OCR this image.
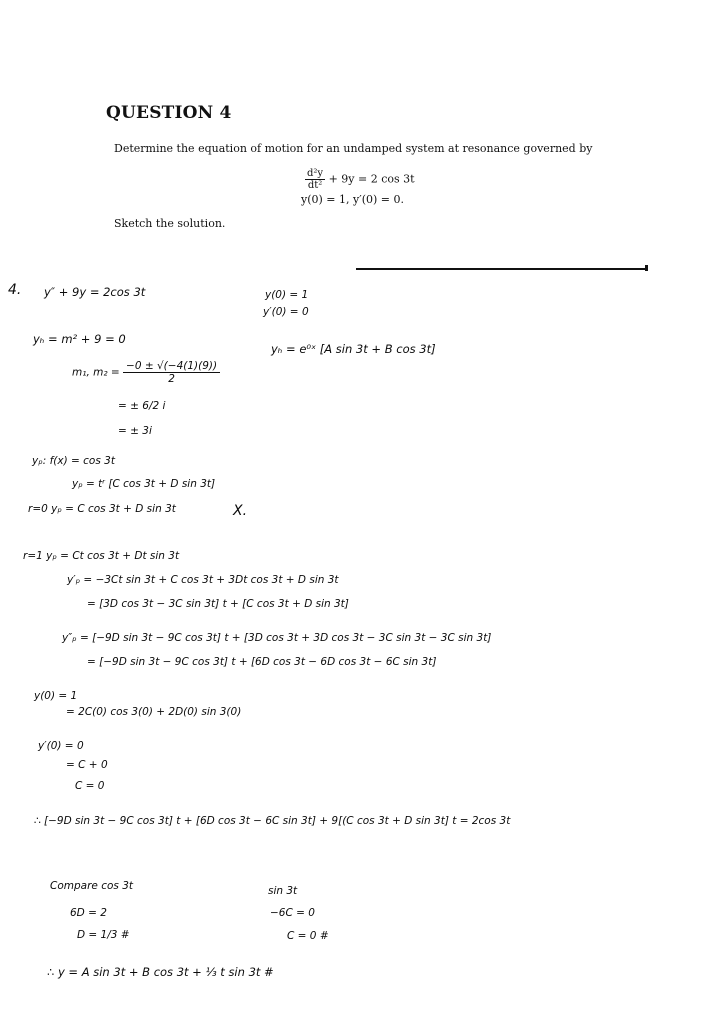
QUESTION 4
Determine the equation of motion for an undamped system at resonance governed by
$\frac{\text{d²y}}{\text{dt²}} + 9y = 2$ cos 3t
y(0) = 1, y′(0) = 0.
Sketch the solution.
4. y″ + 9y = 2cos 3t	y(0) = 1
y′(0) = 0
yₕ = m² + 9 = 0
yₕ = e⁰ˣ [A sin 3t + B cos 3t]
m₁, $m_2 = \frac{-0 \pm √(-4(1)(9))}{2}$
= ± 6/2 i
= ± 3i
yₚ: f(x) = cos 3t
yₚ = tʳ [C cos 3t + D sin 3t]
r=0 yₚ = C cos 3t + D sin 3t	X.
r=1 yₚ = Ct cos 3t + Dt sin 3t
y′ₚ = −3Ct sin 3t + C cos 3t + 3Dt cos 3t + D sin 3t
= [3D cos 3t − 3C sin 3t] t + [C cos 3t + D sin 3t]
y″ₚ = [−9D sin 3t − 9C cos 3t] t + [3D cos 3t + 3D cos 3t − 3C sin 3t − 3C sin 3t]
= [−9D sin 3t − 9C cos 3t] t + [6D cos 3t − 6D cos 3t − 6C sin 3t]
y(0) = 1
= 2C(0) cos 3(0) + 2D(0) sin 3(0)
y′(0) = 0
= C + 0
C = 0
∴ [−9D sin 3t − 9C cos 3t] t + [6D cos 3t − 6C sin 3t] + 9[(C cos 3t + D sin 3t] t = 2cos 3t
Compare cos 3t	sin 3t
6D = 2
D = 1/3 #
−6C = 0
C = 0 #
∴ y = A sin 3t + B cos 3t + ⅓ t sin 3t #
